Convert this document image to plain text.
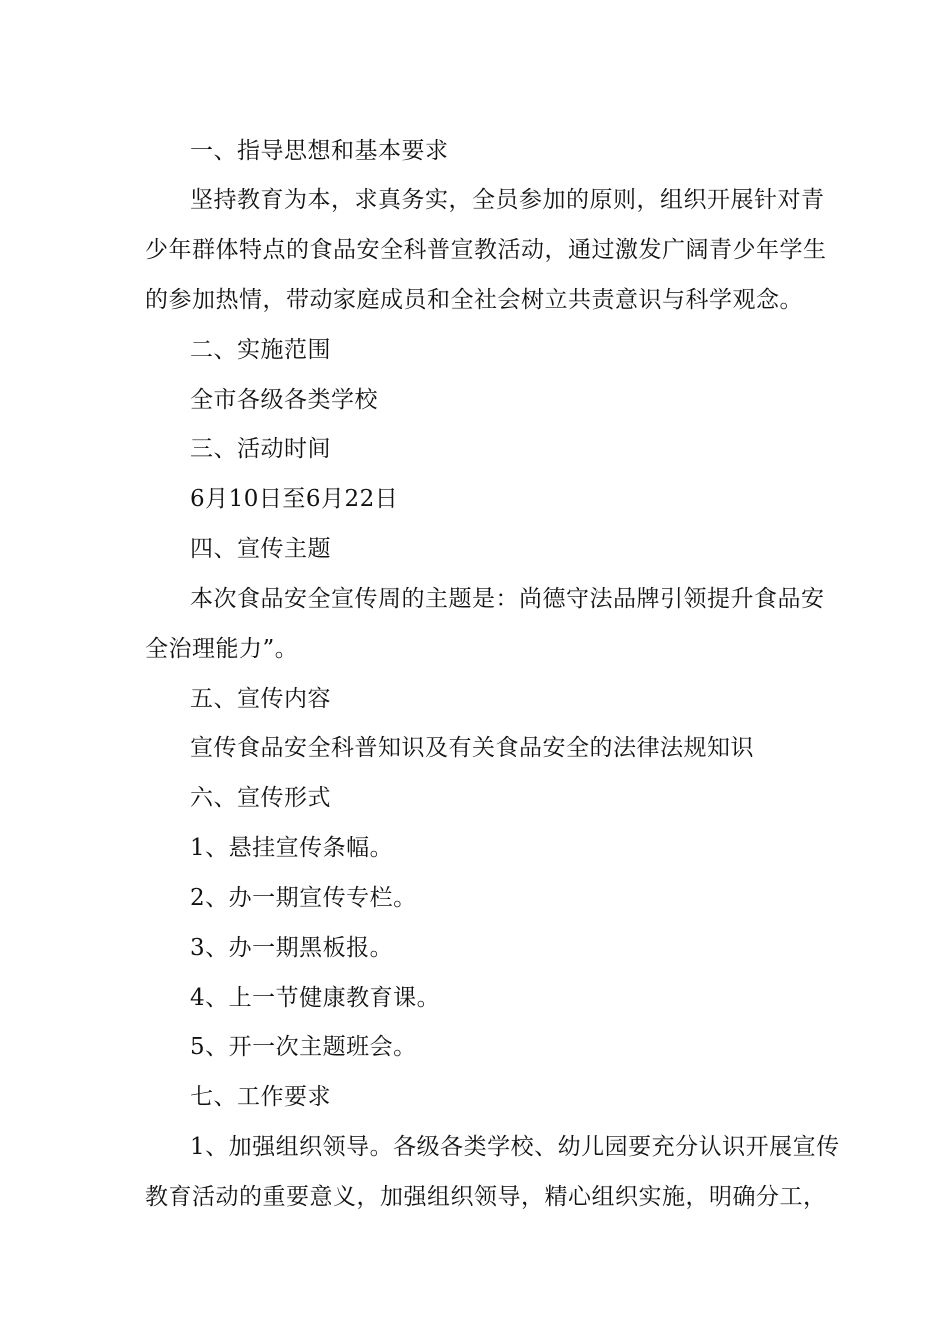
一、指导思想和基本要求
坚持教育为本，求真务实，全员参加的原则，组织开展针对青
少年群体特点的食品安全科普宣教活动，通过激发广阔青少年学生
的参加热情，带动家庭成员和全社会树立共责意识与科学观念。
二、实施范围
全市各级各类学校
三、活动时间
6月10日至6月22日
四、宣传主题
本次食品安全宣传周的主题是：尚德守法品牌引领提升食品安
全治理能力”。
五、宣传内容
宣传食品安全科普知识及有关食品安全的法律法规知识
六、宣传形式
1、悬挂宣传条幅。
2、办一期宣传专栏。
3、办一期黑板报。
4、上一节健康教育课。
5、开一次主题班会。
七、工作要求
1、加强组织领导。各级各类学校、幼儿园要充分认识开展宣传
教育活动的重要意义，加强组织领导，精心组织实施，明确分工，
